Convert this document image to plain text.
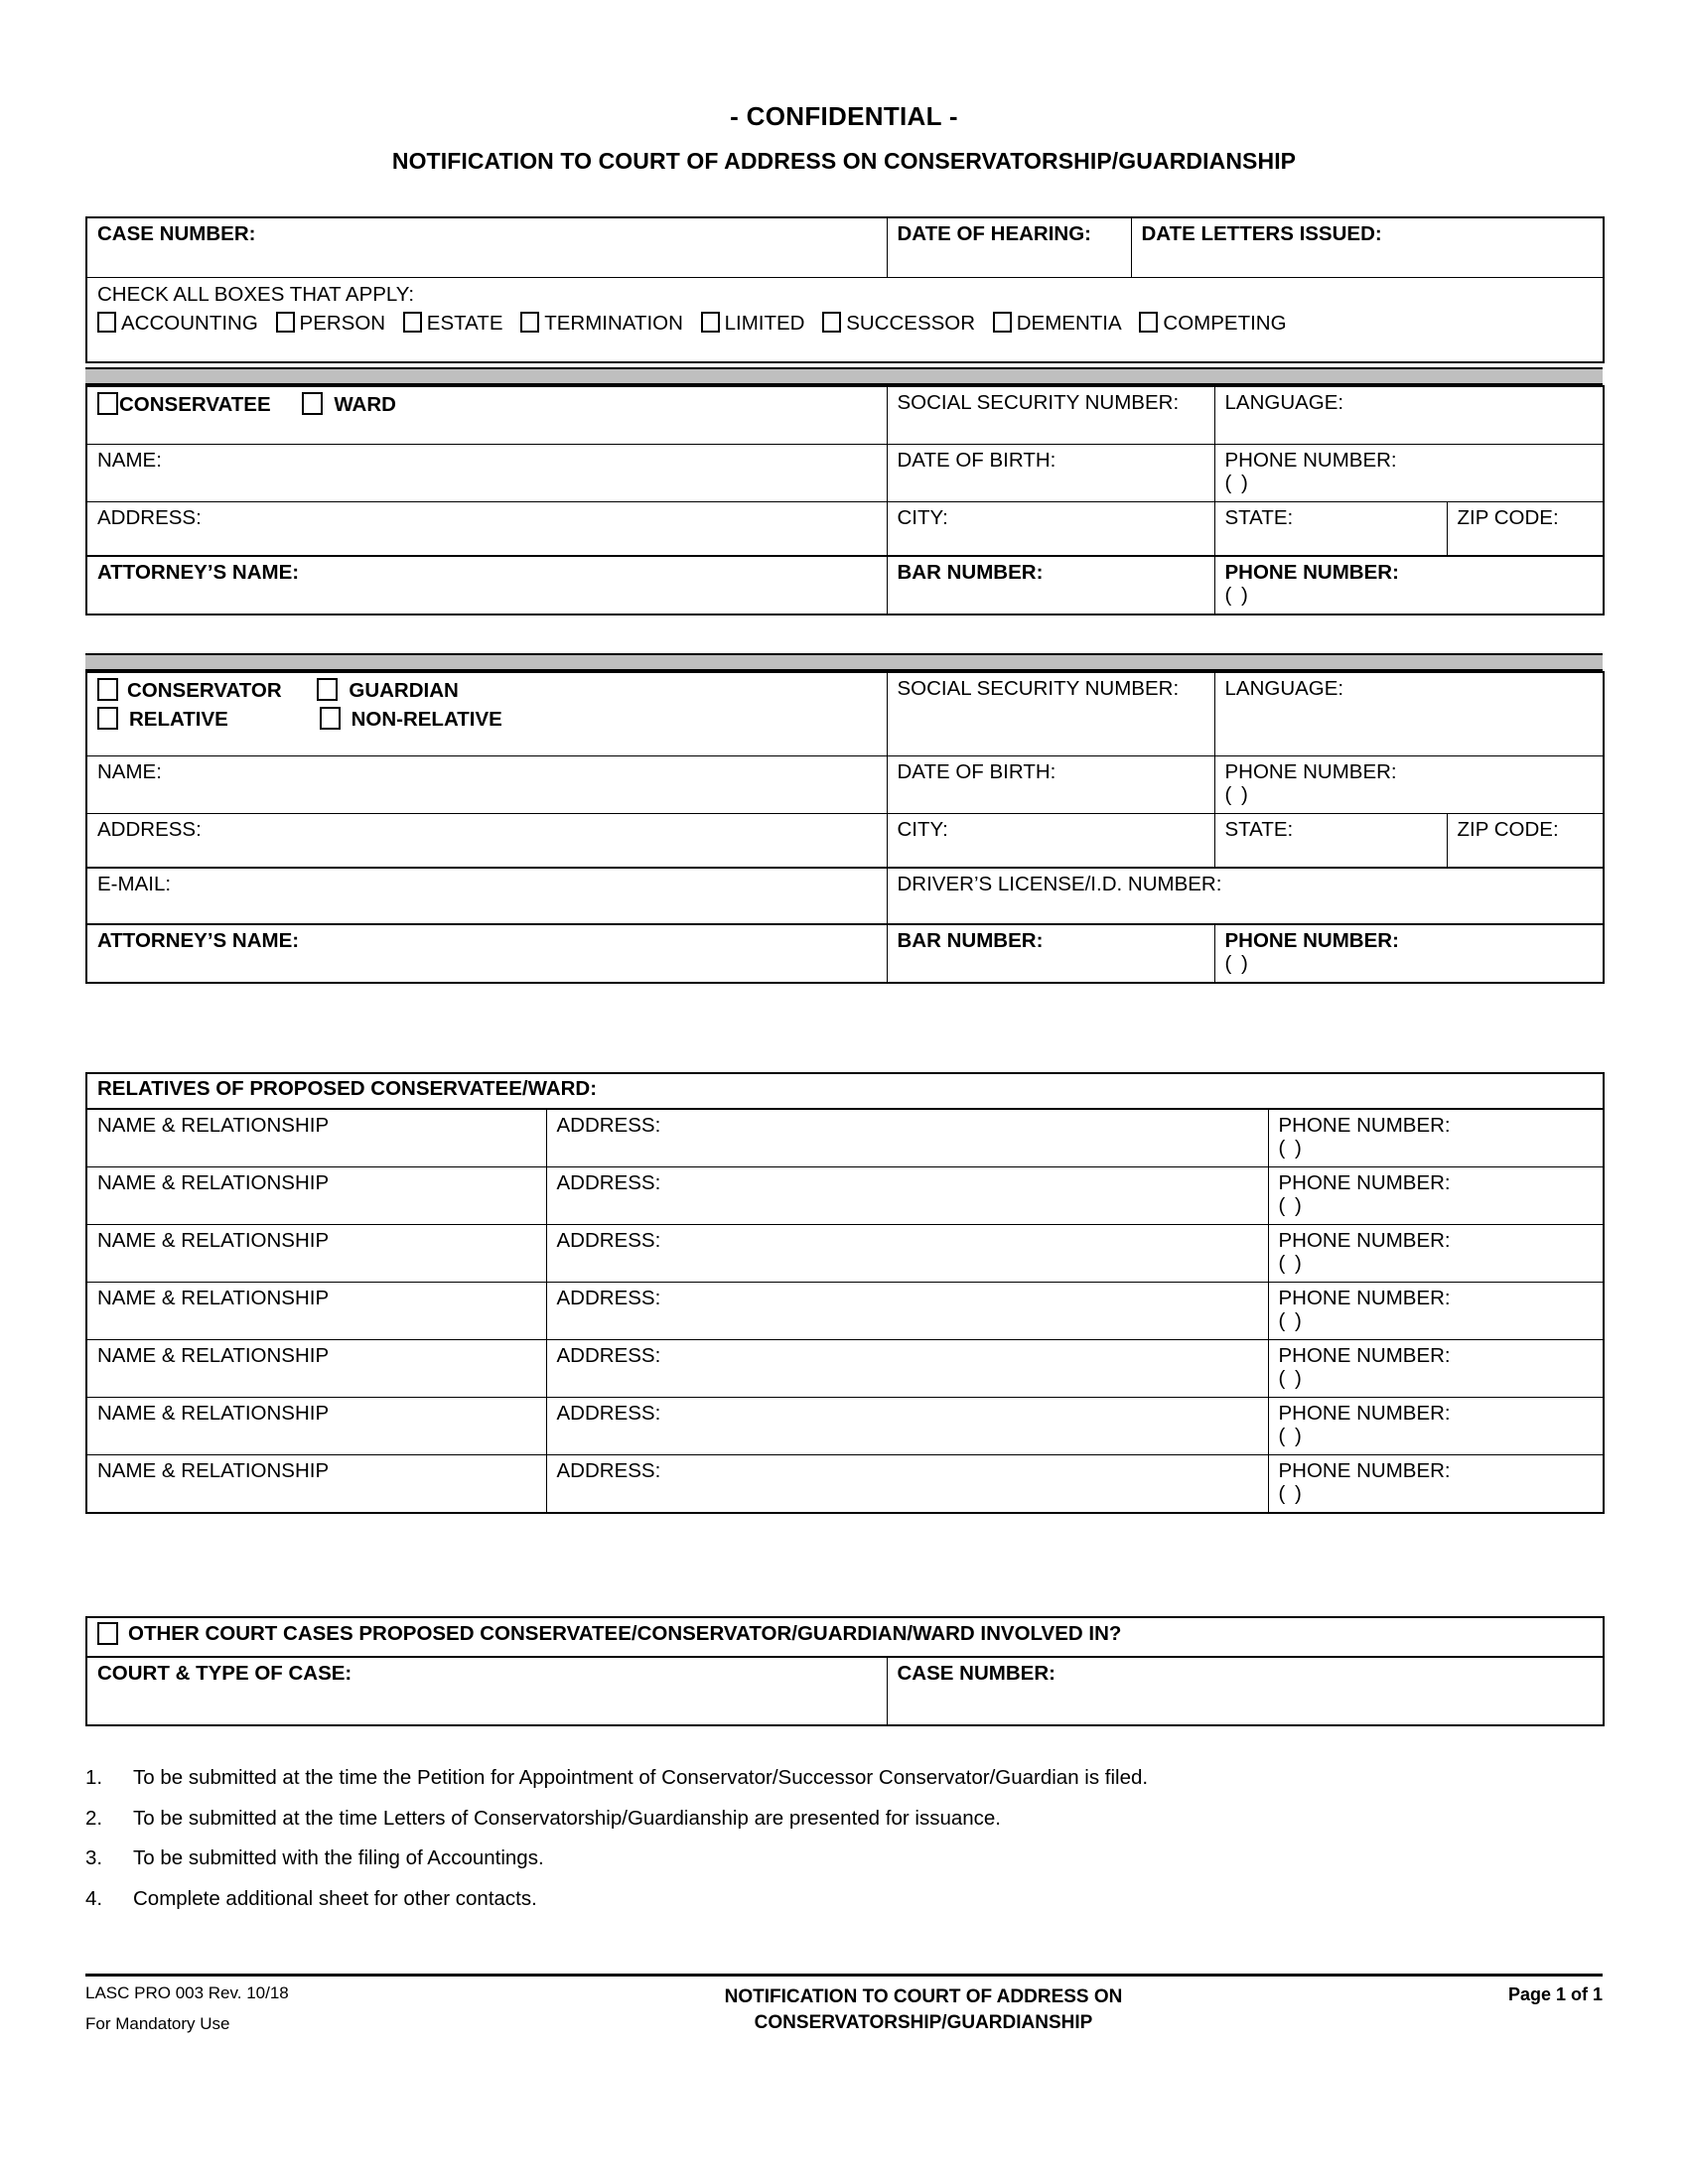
- CONFIDENTIAL -
NOTIFICATION TO COURT OF ADDRESS ON CONSERVATORSHIP/GUARDIANSHIP
CASE NUMBER:	DATE OF HEARING:	DATE LETTERS ISSUED:

CHECK ALL BOXES THAT APPLY:
ACCOUNTING PERSON ESTATE TERMINATION LIMITED SUCCESSOR DEMENTIA COMPETING
CONSERVATEE WARD	SOCIAL SECURITY NUMBER:	LANGUAGE:	
NAME:	DATE OF BIRTH:	PHONE NUMBER:
( )	
ADDRESS:	CITY:	STATE:	ZIP CODE:
ATTORNEY’S NAME:	BAR NUMBER:	PHONE NUMBER:
( )	
CONSERVATOR GUARDIAN
RELATIVE NON-RELATIVE	SOCIAL SECURITY NUMBER:	LANGUAGE:	
NAME:	DATE OF BIRTH:	PHONE NUMBER:
( )	
ADDRESS:	CITY:	STATE:	ZIP CODE:
E-MAIL:	DRIVER’S LICENSE/I.D. NUMBER:		
ATTORNEY’S NAME:	BAR NUMBER:	PHONE NUMBER:
( )	
RELATIVES OF PROPOSED CONSERVATEE/WARD:		
NAME & RELATIONSHIP	ADDRESS:	PHONE NUMBER:
( )
NAME & RELATIONSHIP	ADDRESS:	PHONE NUMBER:
( )
NAME & RELATIONSHIP	ADDRESS:	PHONE NUMBER:
( )
NAME & RELATIONSHIP	ADDRESS:	PHONE NUMBER:
( )
NAME & RELATIONSHIP	ADDRESS:	PHONE NUMBER:
( )
NAME & RELATIONSHIP	ADDRESS:	PHONE NUMBER:
( )
NAME & RELATIONSHIP	ADDRESS:	PHONE NUMBER:
( )
OTHER COURT CASES PROPOSED CONSERVATEE/CONSERVATOR/GUARDIAN/WARD INVOLVED IN?
COURT & TYPE OF CASE:	CASE NUMBER:
1.	To be submitted at the time the Petition for Appointment of Conservator/Successor Conservator/Guardian is filed.
2.	To be submitted at the time Letters of Conservatorship/Guardianship are presented for issuance.
3.	To be submitted with the filing of Accountings.
4.	Complete additional sheet for other contacts.
LASC PRO 003 Rev. 10/18
For Mandatory Use
NOTIFICATION TO COURT OF ADDRESS ON
CONSERVATORSHIP/GUARDIANSHIP
Page 1 of 1
